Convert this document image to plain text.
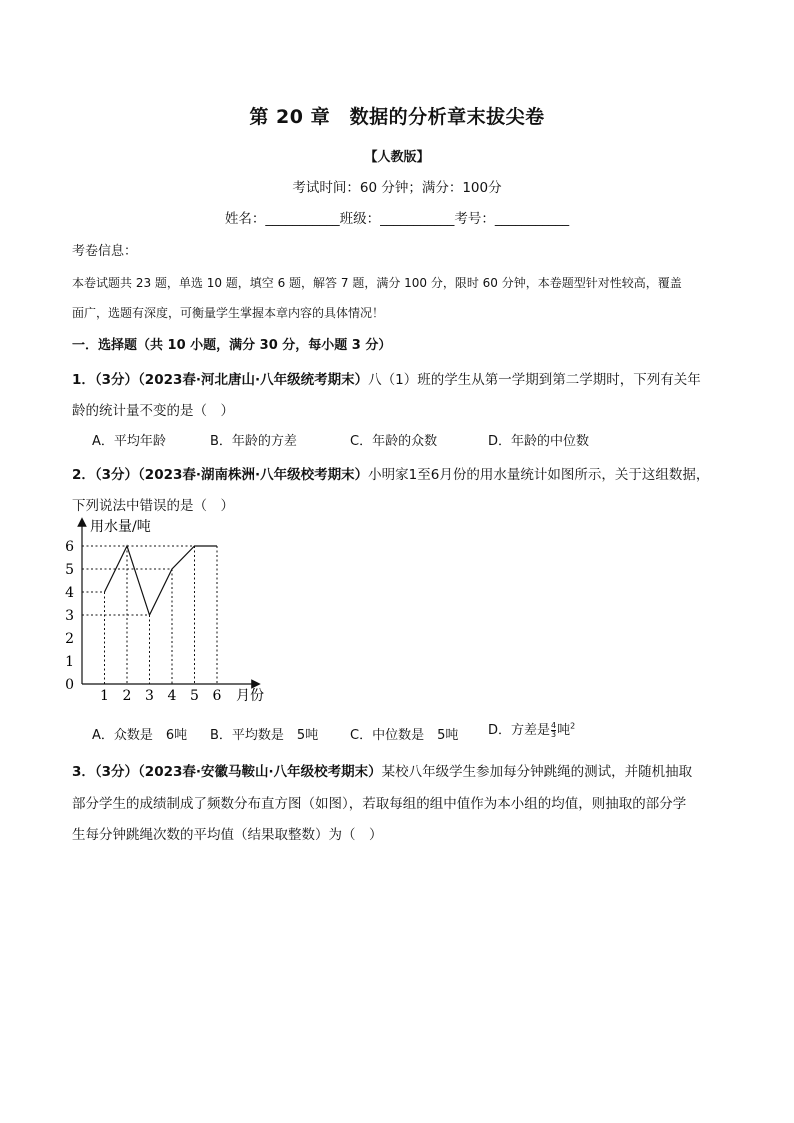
第 20 章　数据的分析章末拔尖卷
【人教版】
考试时间：60 分钟；满分：100分
姓名：___________班级：___________考号：___________
考卷信息：
本卷试题共 23 题，单选 10 题，填空 6 题，解答 7 题，满分 100 分，限时 60 分钟，本卷题型针对性较高，覆盖
面广，选题有深度，可衡量学生掌握本章内容的具体情况！
一．选择题（共 10 小题，满分 30 分，每小题 3 分）
1．（3分）（2023春·河北唐山·八年级统考期末）八（1）班的学生从第一学期到第二学期时，下列有关年
龄的统计量不变的是（　）
A．平均年龄	B．年龄的方差	C．年龄的众数	D．年龄的中位数
2．（3分）（2023春·湖南株洲·八年级校考期末）小明家1至6月份的用水量统计如图所示，关于这组数据，
下列说法中错误的是（　）
用水量/吨
月份
0
1
2
3
4
5
6
1 2 3 4 5 6
A．众数是　6吨 B．平均数是　5吨 C．中位数是　5吨 D．方差是 $\frac{4}{3}$ 吨$^2$
3．（3分）（2023春·安徽马鞍山·八年级校考期末）某校八年级学生参加每分钟跳绳的测试，并随机抽取
部分学生的成绩制成了频数分布直方图（如图），若取每组的组中值作为本小组的均值，则抽取的部分学
生每分钟跳绳次数的平均值（结果取整数）为（　）
